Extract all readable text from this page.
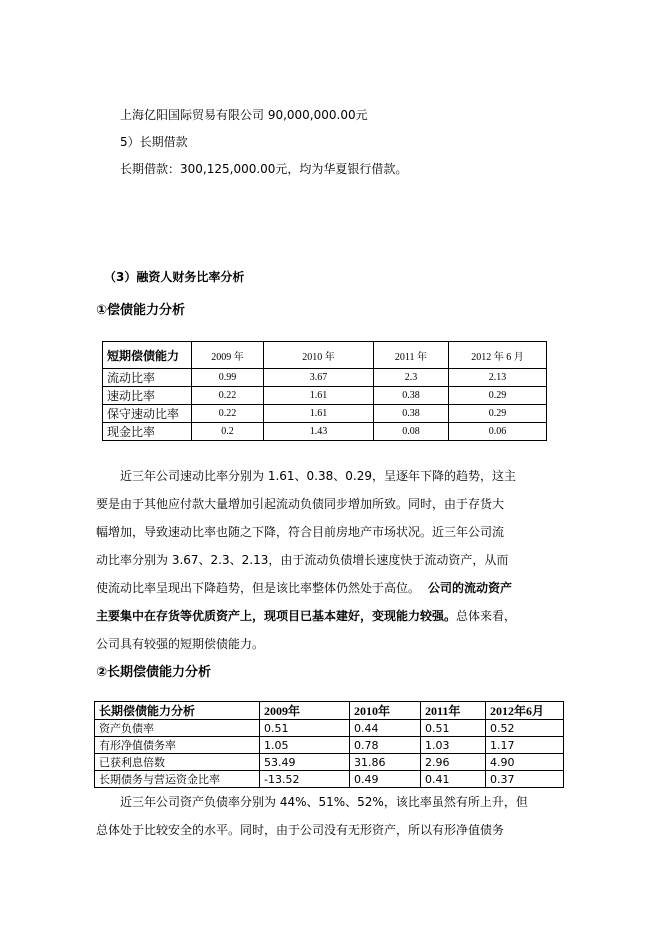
上海亿阳国际贸易有限公司 90,000,000.00元
5）长期借款
长期借款：300,125,000.00元，均为华夏银行借款。
（3）融资人财务比率分析
①偿债能力分析
短期偿债能力	2009 年	2010 年	2011 年	2012 年 6 月
流动比率	0.99	3.67	2.3	2.13
速动比率	0.22	1.61	0.38	0.29
保守速动比率	0.22	1.61	0.38	0.29
现金比率	0.2	1.43	0.08	0.06

近三年公司速动比率分别为 1.61、0.38、0.29，呈逐年下降的趋势，这主

要是由于其他应付款大量增加引起流动负债同步增加所致。同时，由于存货大

幅增加，导致速动比率也随之下降，符合目前房地产市场状况。近三年公司流

动比率分别为 3.67、2.3、2.13，由于流动负债增长速度快于流动资产，从而

使流动比率呈现出下降趋势，但是该比率整体仍然处于高位。 公司的流动资产

主要集中在存货等优质资产上，现项目已基本建好，变现能力较强。总体来看，

公司具有较强的短期偿债能力。

②长期偿债能力分析
长期偿债能力分析	2009年	2010年	2011年	2012年6月
资产负债率	0.51	0.44	0.51	0.52
有形净值债务率	1.05	0.78	1.03	1.17
已获利息倍数	53.49	31.86	2.96	4.90
长期债务与营运资金比率	-13.52	0.49	0.41	0.37

近三年公司资产负债率分别为 44%、51%、52%，该比率虽然有所上升，但

总体处于比较安全的水平。同时，由于公司没有无形资产，所以有形净值债务
